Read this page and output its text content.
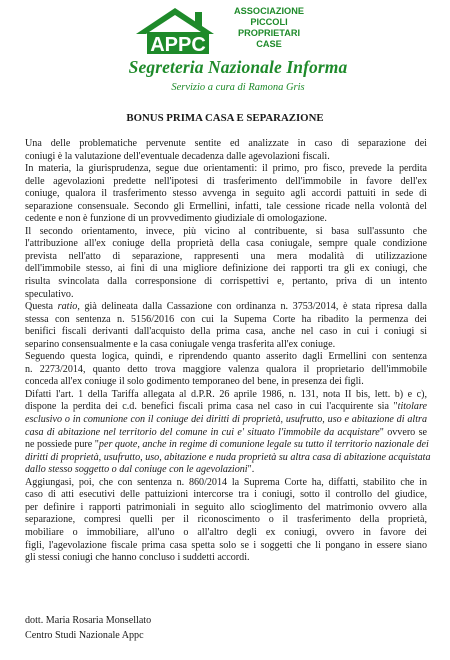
APPC
ASSOCIAZIONE
PICCOLI
PROPRIETARI
CASE
Segreteria Nazionale Informa
Servizio a cura di Ramona Gris
BONUS PRIMA CASA E SEPARAZIONE

Una delle problematiche pervenute sentite ed analizzate in caso di separazione dei
coniugi è la valutazione dell'eventuale decadenza dalle agevolazioni fiscali.

In materia, la giurisprudenza, segue due orientamenti: il primo, pro fisco, prevede la perdita
delle agevolazioni predette nell'ipotesi di trasferimento dell'immobile in favore dell'ex
coniuge, qualora il trasferimento stesso avvenga in seguito agli accordi pattuiti in sede di
separazione consensuale. Secondo gli Ermellini, infatti, tale cessione ricade nella volontà del
cedente e non è funzione di un provvedimento giudiziale di omologazione.

Il secondo orientamento, invece, più vicino al contribuente, si basa sull'assunto che
l'attribuzione all'ex coniuge della proprietà della casa coniugale, sempre quale condizione
prevista nell'atto di separazione, rappresenti una mera modalità di utilizzazione
dell'immobile stesso, ai fini di una migliore definizione dei rapporti tra gli ex coniugi, che
risulta svincolata dalla corresponsione di corrispettivi e, pertanto, priva di un intento
speculativo.

Questa ratio, già delineata dalla Cassazione con ordinanza n. 3753/2014, è stata ripresa dalla
stessa con sentenza n. 5156/2016 con cui la Supema Corte ha ribadito la permenza dei
benifici fiscali derivanti dall'acquisto della prima casa, anche nel caso in cui i coniugi si
separino consensualmente e la casa coniugale venga trasferita all'ex coniuge.

Seguendo questa logica, quindi, e riprendendo quanto asserito dagli Ermellini con sentenza
n. 2273/2014, quanto detto trova maggiore valenza qualora il proprietario dell'immobile
conceda all'ex coniuge il solo godimento temporaneo del bene, in presenza dei figli.

Difatti l'art. 1 della Tariffa allegata al d.P.R. 26 aprile 1986, n. 131, nota II bis, lett. b) e c),
dispone la perdita dei c.d. benefici fiscali prima casa nel caso in cui l'acquirente sia "titolare
esclusivo o in comunione con il coniuge dei diritti di proprietà, usufrutto, uso e abitazione di altra
casa di abitazione nel territorio del comune in cui e' situato l'immobile da acquistare" ovvero se
ne possiede pure "per quote, anche in regime di comunione legale su tutto il territorio nazionale dei
diritti di proprietà, usufrutto, uso, abitazione e nuda proprietà su altra casa di abitazione acquistata
dallo stesso soggetto o dal coniuge con le agevolazioni".

Aggiungasi, poi, che con sentenza n. 860/2014 la Suprema Corte ha, diffatti, stabilito che in
caso di atti esecutivi delle pattuizioni intercorse tra i coniugi, sotto il controllo del giudice,
per definire i rapporti patrimoniali in seguito allo scioglimento del matrimonio ovvero alla
separazione, compresi quelli per il riconoscimento o il trasferimento della proprietà,
mobiliare o immobiliare, all'uno o all'altro degli ex coniugi, ovvero in favore dei
figli, l'agevolazione fiscale prima casa spetta solo se i soggetti che li pongano in essere siano
gli stessi coniugi che hanno concluso i suddetti accordi.

dott. Maria Rosaria Monsellato
Centro Studi Nazionale Appc
